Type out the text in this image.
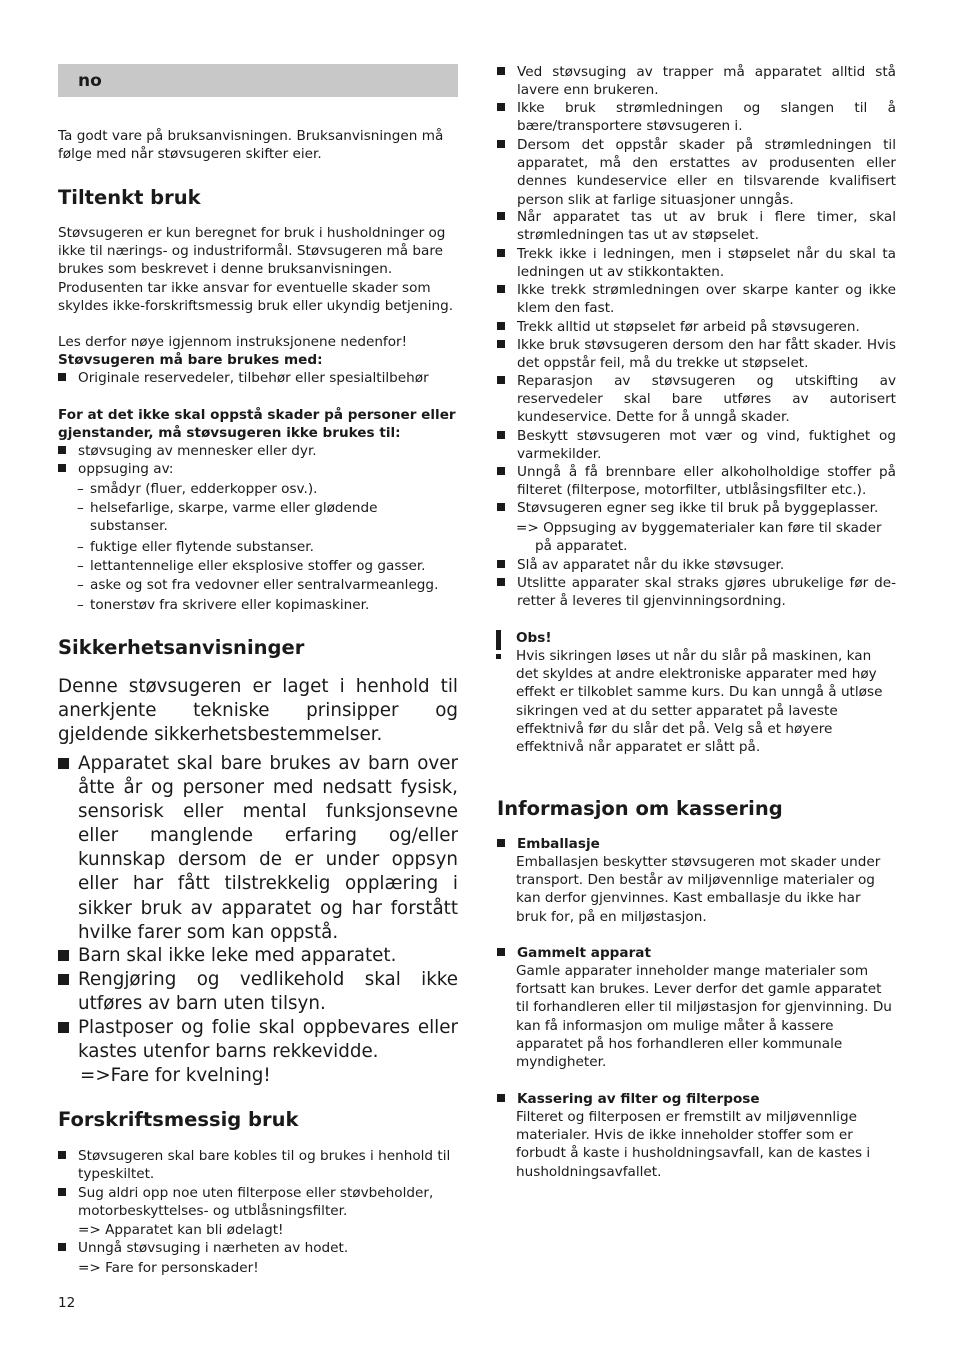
no
Ta godt vare på bruksanvisningen. Bruksanvisningen må følge med når støvsugeren skifter eier.
Tiltenkt bruk
Støvsugeren er kun beregnet for bruk i husholdninger og ikke til nærings- og industriformål. Støvsugeren må bare brukes som beskrevet i denne bruksanvisningen. Produsenten tar ikke ansvar for eventuelle skader som skyldes ikke-forskriftsmessig bruk eller ukyndig betjening.
Les derfor nøye igjennom instruksjonene nedenfor!
Støvsugeren må bare brukes med:
Originale reservedeler, tilbehør eller spesialtilbehør
For at det ikke skal oppstå skader på personer eller gjenstander, må støvsugeren ikke brukes til:
støvsuging av mennesker eller dyr.
oppsuging av:
– smådyr (fluer, edderkopper osv.).
– helsefarlige, skarpe, varme eller glødende substanser.
– fuktige eller flytende substanser.
– lettantennelige eller eksplosive stoffer og gasser.
– aske og sot fra vedovner eller sentralvarmeanlegg.
– tonerstøv fra skrivere eller kopimaskiner.
Sikkerhetsanvisninger
Denne støvsugeren er laget i henhold til anerkjente tekniske prinsipper og gjeldende sikkerhetsbestemmelser.
Apparatet skal bare brukes av barn over åtte år og personer med nedsatt fysisk, sensorisk eller mental funksjonsevne eller manglende erfaring og/eller kunnskap dersom de er under oppsyn eller har fått tilstrekkelig opplæring i sikker bruk av apparatet og har forstått hvilke farer som kan oppstå.
Barn skal ikke leke med apparatet.
Rengjøring og vedlikehold skal ikke utføres av barn uten tilsyn.
Plastposer og folie skal oppbevares eller kastes utenfor barns rekkevidde.
=>Fare for kvelning!
Forskriftsmessig bruk
Støvsugeren skal bare kobles til og brukes i henhold til typeskiltet.
Sug aldri opp noe uten filterpose eller støvbeholder, motorbeskyttelses- og utblåsningsfilter.
=> Apparatet kan bli ødelagt!
Unngå støvsuging i nærheten av hodet.
=> Fare for personskader!
12
Ved støvsuging av trapper må apparatet alltid stå lavere enn brukeren.
Ikke bruk strømledningen og slangen til å bære/transportere støvsugeren i.
Dersom det oppstår skader på strømledningen til apparatet, må den erstattes av produsenten eller dennes kundeservice eller en tilsvarende kvalifisert person slik at farlige situasjoner unngås.
Når apparatet tas ut av bruk i flere timer, skal strømledningen tas ut av støpselet.
Trekk ikke i ledningen, men i støpselet når du skal ta ledningen ut av stikkontakten.
Ikke trekk strømledningen over skarpe kanter og ikke klem den fast.
Trekk alltid ut støpselet før arbeid på støvsugeren.
Ikke bruk støvsugeren dersom den har fått skader. Hvis det oppstår feil, må du trekke ut støpselet.
Reparasjon av støvsugeren og utskifting av reservedeler skal bare utføres av autorisert kundeservice. Dette for å unngå skader.
Beskytt støvsugeren mot vær og vind, fuktighet og varmekilder.
Unngå å få brennbare eller alkoholholdige stoffer på filteret (filterpose, motorfilter, utblåsingsfilter etc.).
Støvsugeren egner seg ikke til bruk på byggeplasser.
=> Oppsuging av byggematerialer kan føre til skader på apparatet.
Slå av apparatet når du ikke støvsuger.
Utslitte apparater skal straks gjøres ubrukelige før deretter å leveres til gjenvinningsordning.
Obs!
Hvis sikringen løses ut når du slår på maskinen, kan det skyldes at andre elektroniske apparater med høy effekt er tilkoblet samme kurs. Du kan unngå å utløse sikringen ved at du setter apparatet på laveste effektnivå før du slår det på. Velg så et høyere effektnivå når apparatet er slått på.
Informasjon om kassering
Emballasje
Emballasjen beskytter støvsugeren mot skader under transport. Den består av miljøvennlige materialer og kan derfor gjenvinnes. Kast emballasje du ikke har bruk for, på en miljøstasjon.
Gammelt apparat
Gamle apparater inneholder mange materialer som fortsatt kan brukes. Lever derfor det gamle apparatet til forhandleren eller til miljøstasjon for gjenvinning. Du kan få informasjon om mulige måter å kassere apparatet på hos forhandleren eller kommunale myndigheter.
Kassering av filter og filterpose
Filteret og filterposen er fremstilt av miljøvennlige materialer. Hvis de ikke inneholder stoffer som er forbudt å kaste i husholdningsavfall, kan de kastes i husholdningsavfallet.
